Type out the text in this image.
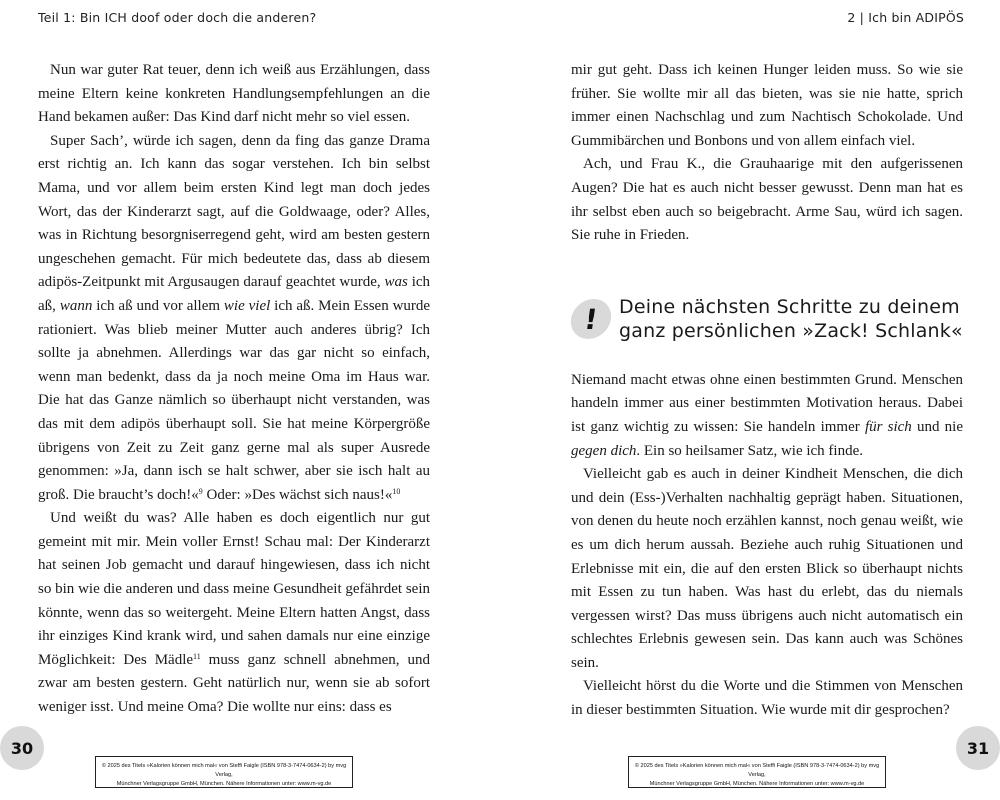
Teil 1: Bin ICH doof oder doch die anderen?	2 | Ich bin ADIPÖS

Nun war guter Rat teuer, denn ich weiß aus Erzählungen, dass meine Eltern keine konkreten Handlungsempfehlungen an die Hand bekamen außer: Das Kind darf nicht mehr so viel essen.

Super Sach’, würde ich sagen, denn da fing das ganze Drama erst richtig an. Ich kann das sogar verstehen. Ich bin selbst Mama, und vor allem beim ersten Kind legt man doch jedes Wort, das der Kinderarzt sagt, auf die Goldwaage, oder? Alles, was in Richtung besorgniserregend geht, wird am besten gestern ungeschehen gemacht. Für mich bedeutete das, dass ab diesem adipös-Zeitpunkt mit Argusaugen darauf geachtet wurde, was ich aß, wann ich aß und vor allem wie viel ich aß. Mein Essen wurde rationiert. Was blieb meiner Mutter auch anderes übrig? Ich sollte ja abnehmen. Allerdings war das gar nicht so einfach, wenn man bedenkt, dass da ja noch meine Oma im Haus war. Die hat das Ganze nämlich so überhaupt nicht verstanden, was das mit dem adipös überhaupt soll. Sie hat meine Körpergröße übrigens von Zeit zu Zeit ganz gerne mal als super Ausrede genommen: »Ja, dann isch se halt schwer, aber sie isch halt au groß. Die braucht’s doch!«$^9$ Oder: »Des wächst sich naus!«$^{10}$

Und weißt du was? Alle haben es doch eigentlich nur gut gemeint mit mir. Mein voller Ernst! Schau mal: Der Kinderarzt hat seinen Job gemacht und darauf hingewiesen, dass ich nicht so bin wie die anderen und dass meine Gesundheit gefährdet sein könnte, wenn das so weitergeht. Meine Eltern hatten Angst, dass ihr einziges Kind krank wird, und sahen damals nur eine einzige Möglichkeit: Des Mädle$^{11}$ muss ganz schnell abnehmen, und zwar am besten gestern. Geht natürlich nur, wenn sie ab sofort weniger isst. Und meine Oma? Die wollte nur eins: dass es

mir gut geht. Dass ich keinen Hunger leiden muss. So wie sie früher. Sie wollte mir all das bieten, was sie nie hatte, sprich immer einen Nachschlag und zum Nachtisch Schokolade. Und Gummibärchen und Bonbons und von allem einfach viel.

Ach, und Frau K., die Grauhaarige mit den aufgerissenen Augen? Die hat es auch nicht besser gewusst. Denn man hat es ihr selbst eben auch so beigebracht. Arme Sau, würd ich sagen. Sie ruhe in Frieden.

!	Deine nächsten Schritte zu deinem ganz persönlichen »Zack! Schlank«

Niemand macht etwas ohne einen bestimmten Grund. Menschen handeln immer aus einer bestimmten Motivation heraus. Dabei ist ganz wichtig zu wissen: Sie handeln immer für sich und nie gegen dich. Ein so heilsamer Satz, wie ich finde.

Vielleicht gab es auch in deiner Kindheit Menschen, die dich und dein (Ess-)Verhalten nachhaltig geprägt haben. Situationen, von denen du heute noch erzählen kannst, noch genau weißt, wie es um dich herum aussah. Beziehe auch ruhig Situationen und Erlebnisse mit ein, die auf den ersten Blick so überhaupt nichts mit Essen zu tun haben. Was hast du erlebt, das du niemals vergessen wirst? Das muss übrigens auch nicht automatisch ein schlechtes Erlebnis gewesen sein. Das kann auch was Schönes sein.

Vielleicht hörst du die Worte und die Stimmen von Menschen in dieser bestimmten Situation. Wie wurde mit dir gesprochen?

30	31
© 2025 des Titels »Kalorien können mich mal« von Steffi Faigle (ISBN 978-3-7474-0634-2) by mvg Verlag,
Münchner Verlagsgruppe GmbH, München. Nähere Informationen unter: www.m-vg.de
© 2025 des Titels »Kalorien können mich mal« von Steffi Faigle (ISBN 978-3-7474-0634-2) by mvg Verlag,
Münchner Verlagsgruppe GmbH, München. Nähere Informationen unter: www.m-vg.de
